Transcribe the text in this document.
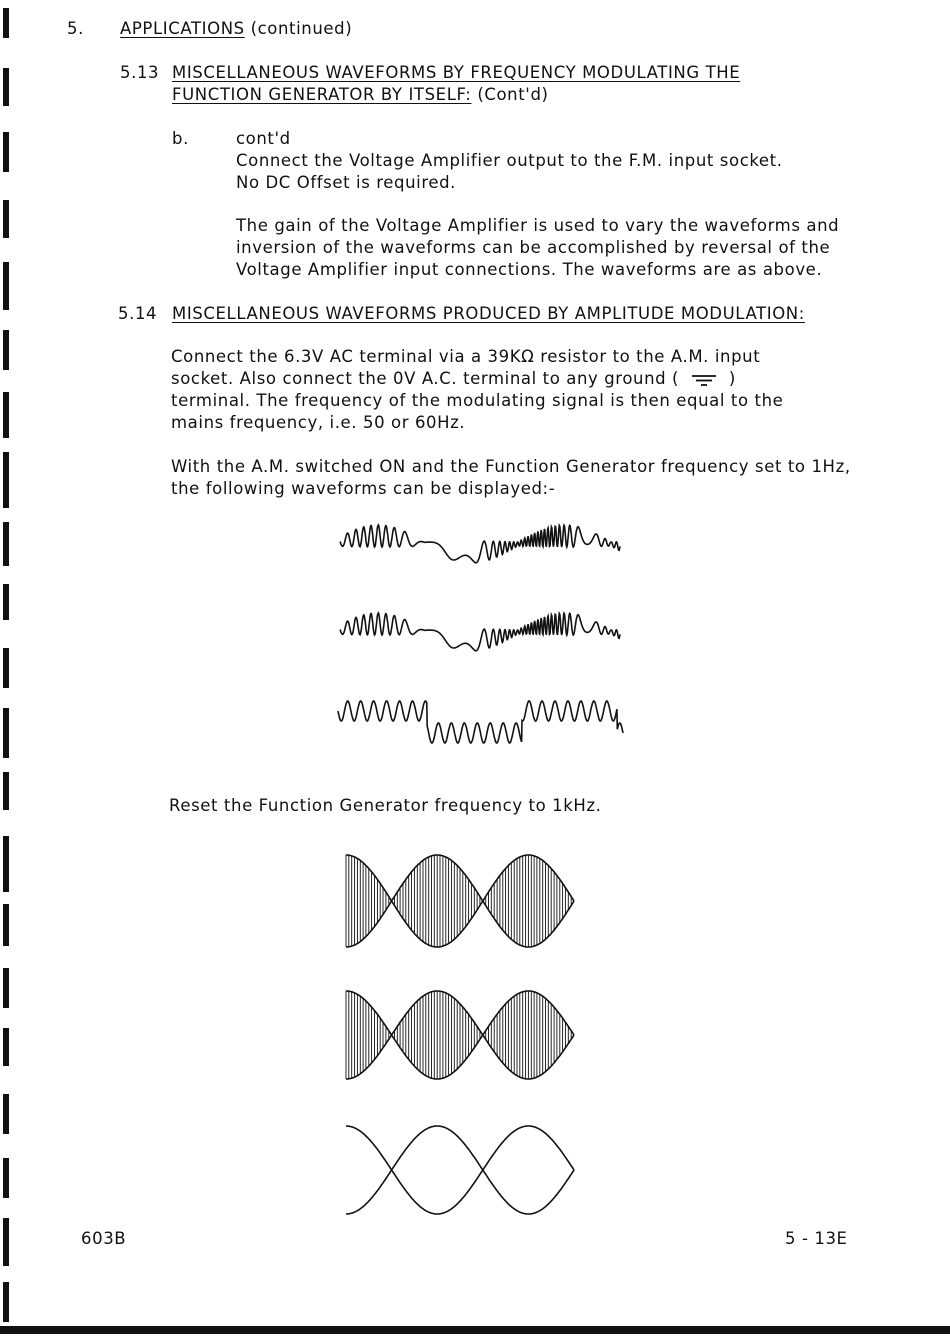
5. APPLICATIONS (continued)
5.13 MISCELLANEOUS WAVEFORMS BY FREQUENCY MODULATING THE
FUNCTION GENERATOR BY ITSELF: (Cont'd)
b.	cont'd
Connect the Voltage Amplifier output to the F.M. input socket.
No DC Offset is required.
The gain of the Voltage Amplifier is used to vary the waveforms and
inversion of the waveforms can be accomplished by reversal of the
Voltage Amplifier input connections. The waveforms are as above.
5.14 MISCELLANEOUS WAVEFORMS PRODUCED BY AMPLITUDE MODULATION:
Connect the 6.3V AC terminal via a 39KΩ resistor to the A.M. input
socket. Also connect the 0V A.C. terminal to any ground (	)
terminal. The frequency of the modulating signal is then equal to the
mains frequency, i.e. 50 or 60Hz.
With the A.M. switched ON and the Function Generator frequency set to 1Hz,
the following waveforms can be displayed:-
Reset the Function Generator frequency to 1kHz.
603B	5 - 13E
